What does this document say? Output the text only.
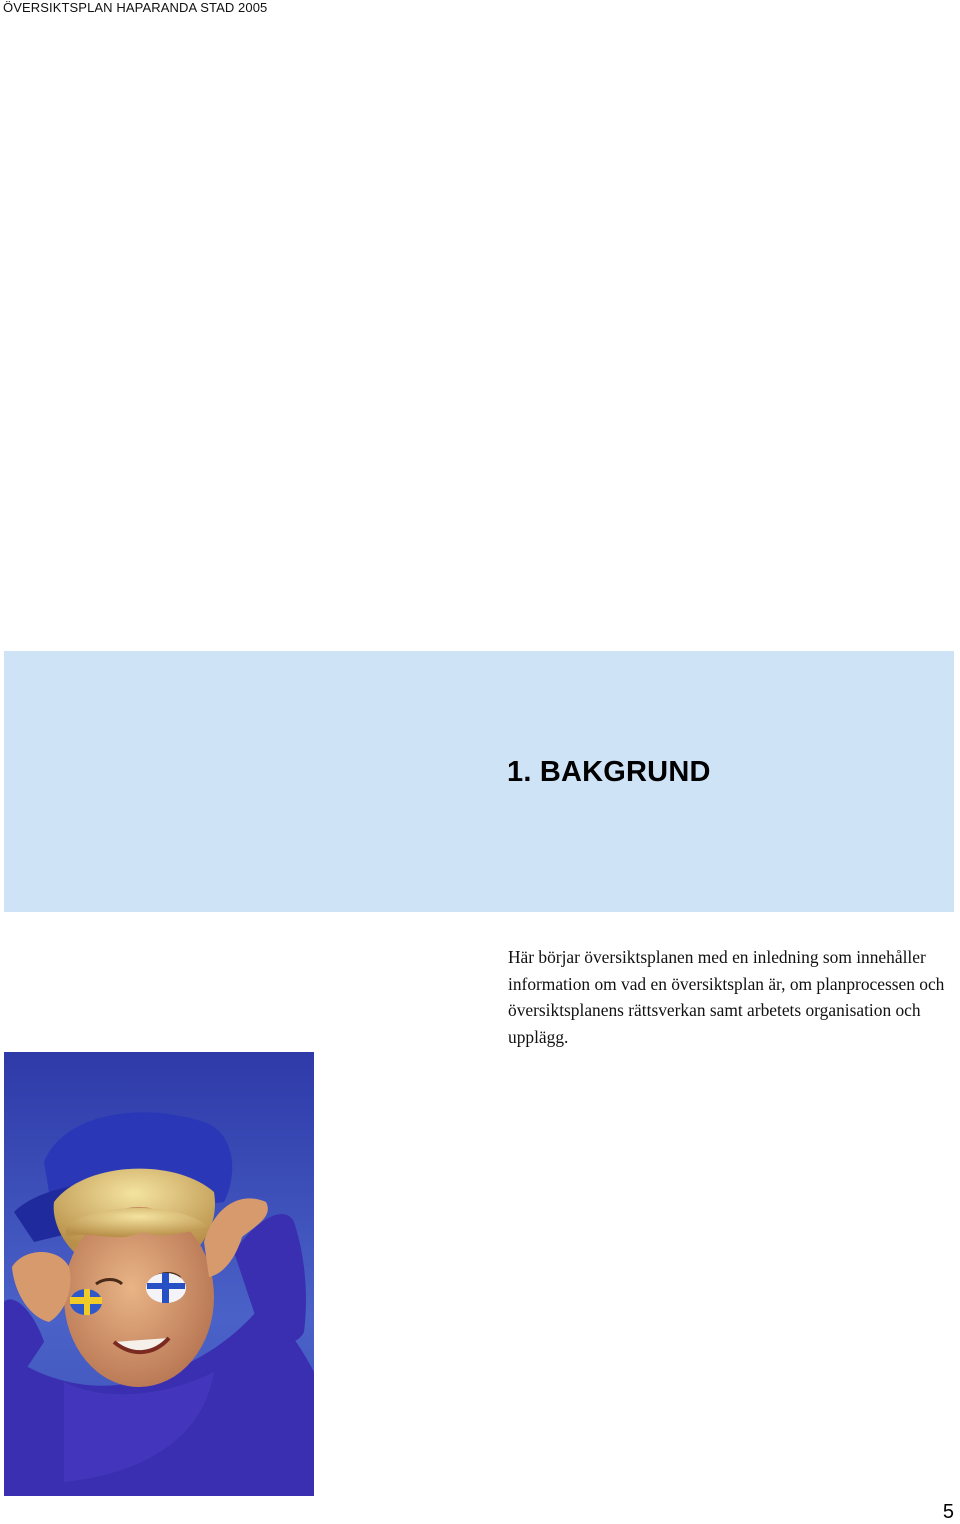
ÖVERSIKTSPLAN HAPARANDA STAD 2005
1. BAKGRUND

Här börjar översiktsplanen med en inledning som innehåller information om vad en översiktsplan är, om planprocessen och översiktsplanens rättsverkan samt arbetets organisation och upplägg.

5
